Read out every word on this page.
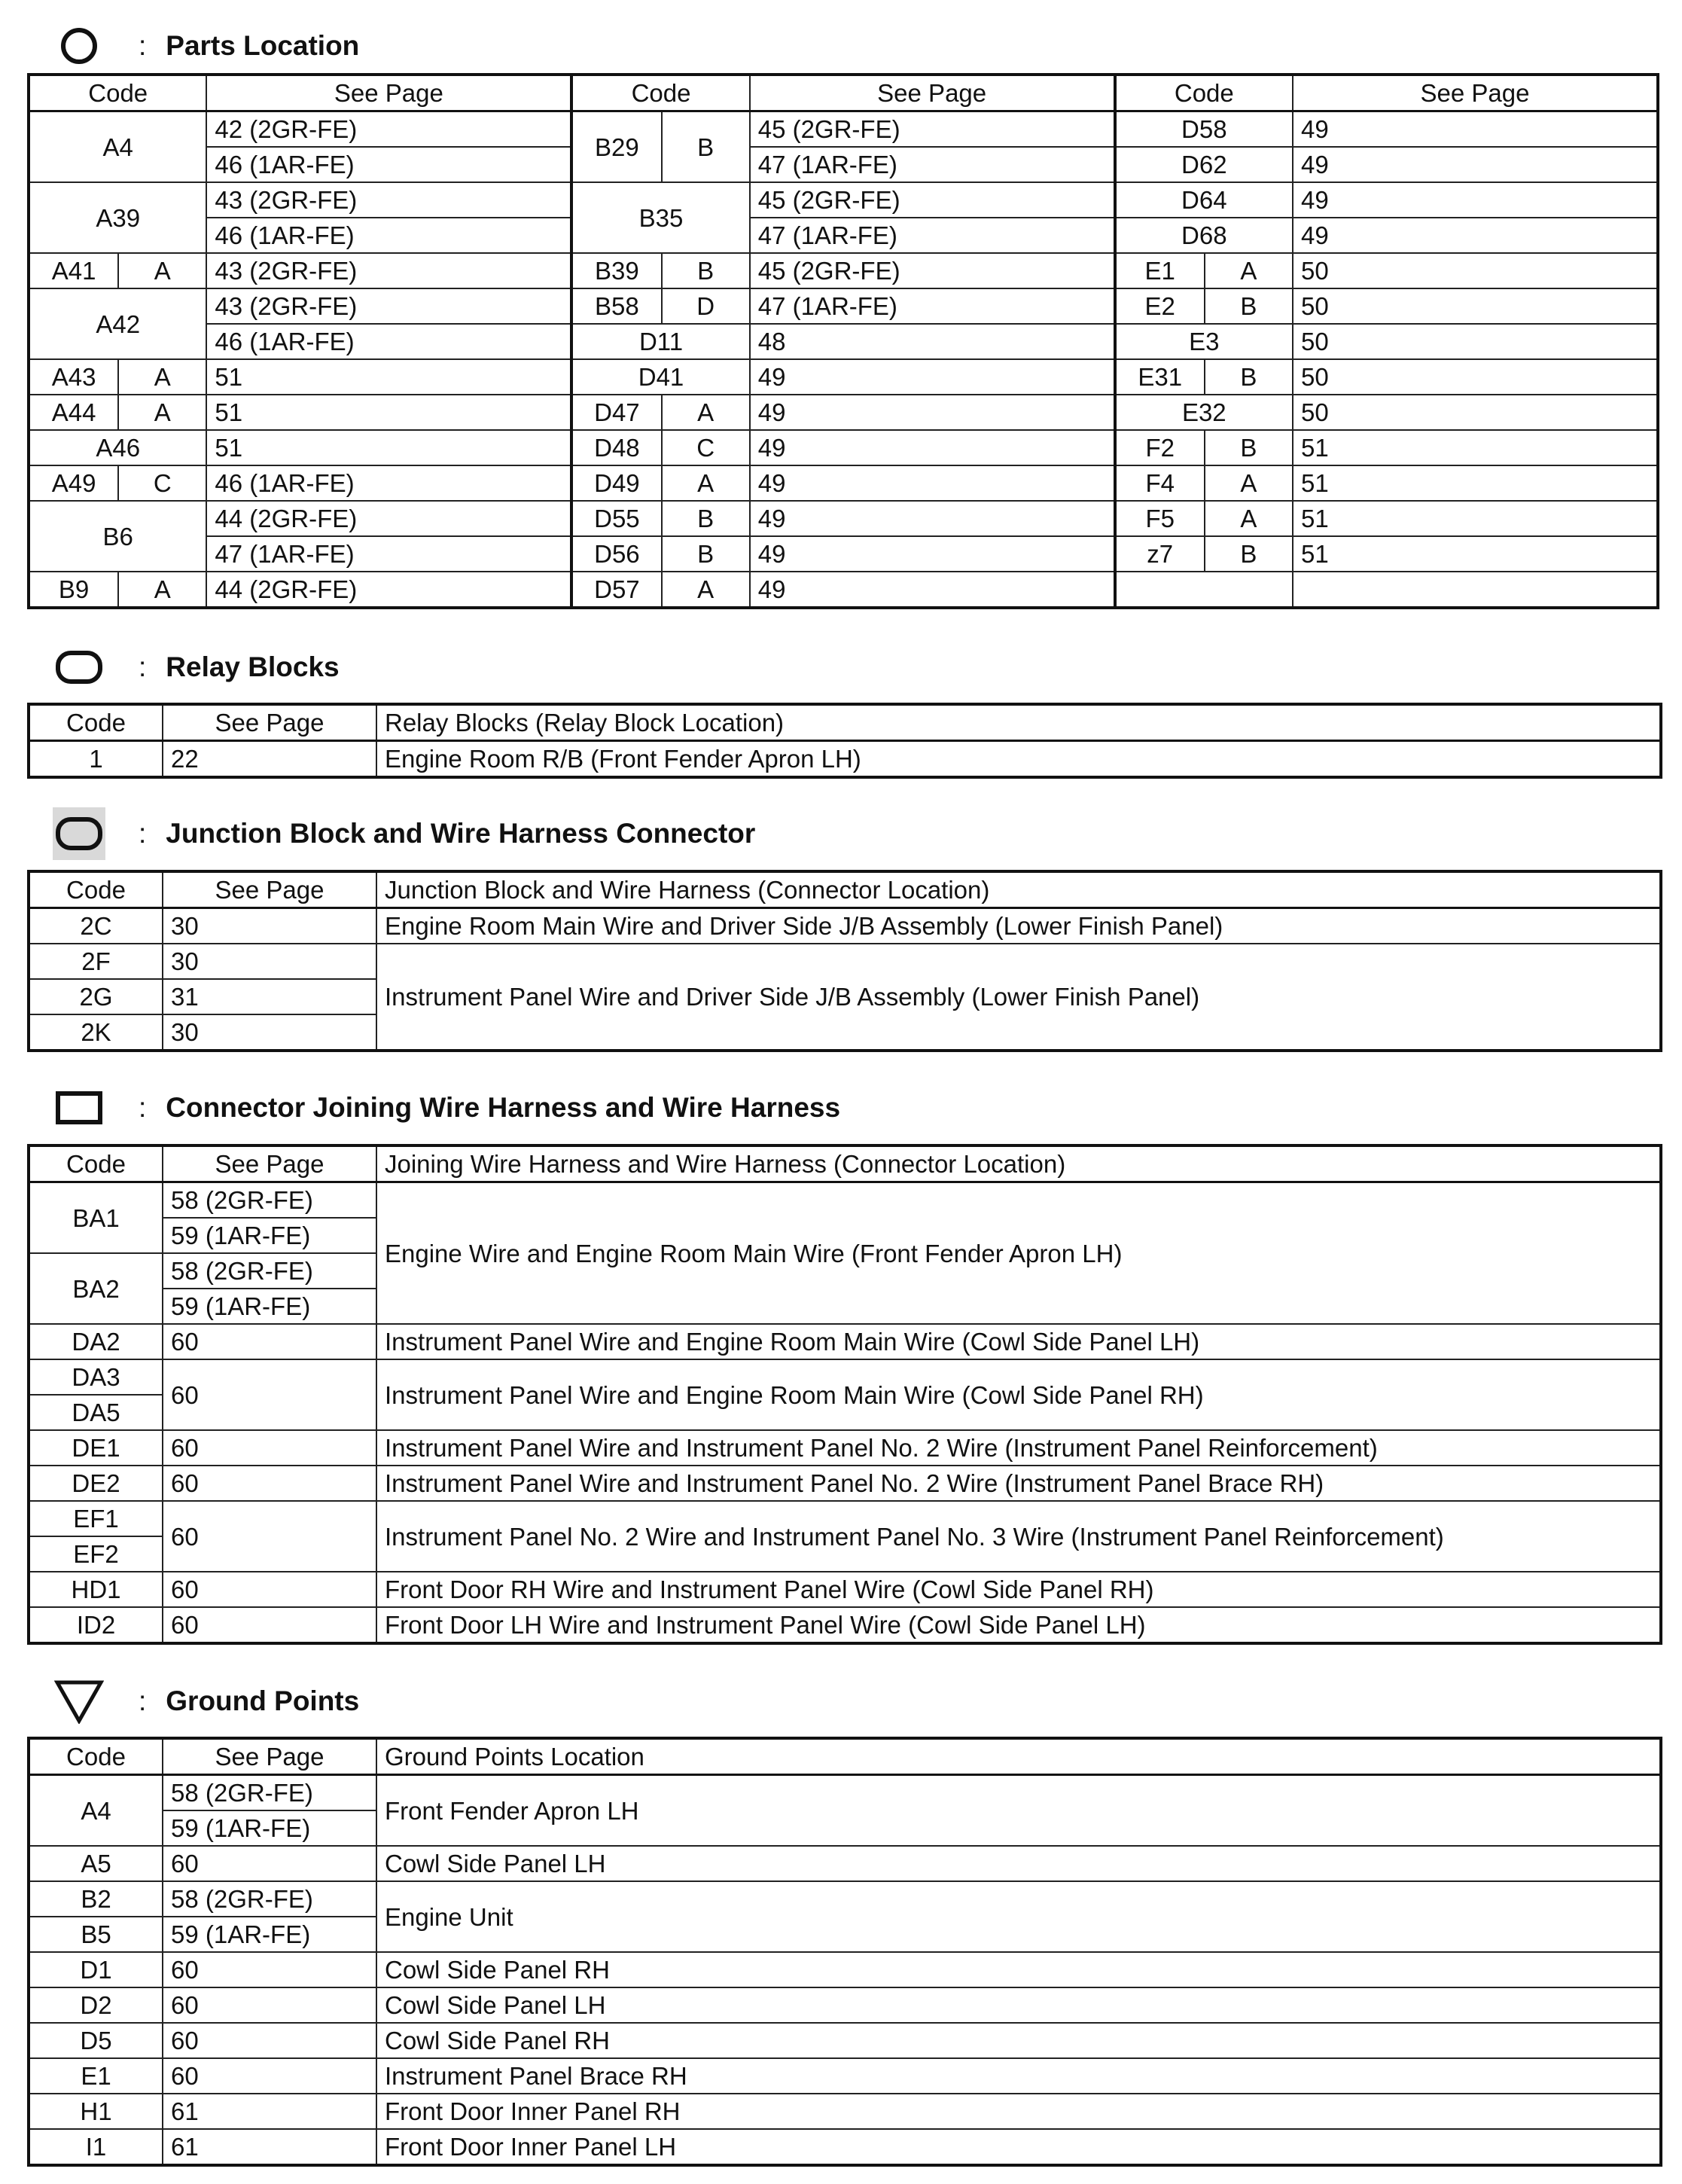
: Parts Location
Code		See Page	Code		See Page	Code		See Page
A4		42 (2GR-FE)	B29	B	45 (2GR-FE)	D58		49
		46 (1AR-FE)			47 (1AR-FE)	D62		49
A39		43 (2GR-FE)	B35		45 (2GR-FE)	D64		49
		46 (1AR-FE)			47 (1AR-FE)	D68		49
A41	A	43 (2GR-FE)	B39	B	45 (2GR-FE)	E1	A	50
A42		43 (2GR-FE)	B58	D	47 (1AR-FE)	E2	B	50
		46 (1AR-FE)	D11		48	E3		50
A43	A	51	D41		49	E31	B	50
A44	A	51	D47	A	49	E32		50
A46		51	D48	C	49	F2	B	51
A49	C	46 (1AR-FE)	D49	A	49	F4	A	51
B6		44 (2GR-FE)	D55	B	49	F5	A	51
		47 (1AR-FE)	D56	B	49	z7	B	51
B9	A	44 (2GR-FE)	D57	A	49			
: Relay Blocks
Code	See Page	Relay Blocks (Relay Block Location)
1	22	Engine Room R/B (Front Fender Apron LH)
: Junction Block and Wire Harness Connector
Code	See Page	Junction Block and Wire Harness (Connector Location)
2C	30	Engine Room Main Wire and Driver Side J/B Assembly (Lower Finish Panel)
2F	30	Instrument Panel Wire and Driver Side J/B Assembly (Lower Finish Panel)
2G	31	
2K	30	
: Connector Joining Wire Harness and Wire Harness
Code	See Page	Joining Wire Harness and Wire Harness (Connector Location)
BA1	58 (2GR-FE)	Engine Wire and Engine Room Main Wire (Front Fender Apron LH)
	59 (1AR-FE)	
BA2	58 (2GR-FE)	
	59 (1AR-FE)	
DA2	60	Instrument Panel Wire and Engine Room Main Wire (Cowl Side Panel LH)
DA3	60	Instrument Panel Wire and Engine Room Main Wire (Cowl Side Panel RH)
DA5		
DE1	60	Instrument Panel Wire and Instrument Panel No. 2 Wire (Instrument Panel Reinforcement)
DE2	60	Instrument Panel Wire and Instrument Panel No. 2 Wire (Instrument Panel Brace RH)
EF1	60	Instrument Panel No. 2 Wire and Instrument Panel No. 3 Wire (Instrument Panel Reinforcement)
EF2		
HD1	60	Front Door RH Wire and Instrument Panel Wire (Cowl Side Panel RH)
ID2	60	Front Door LH Wire and Instrument Panel Wire (Cowl Side Panel LH)
: Ground Points
Code	See Page	Ground Points Location
A4	58 (2GR-FE)	Front Fender Apron LH
	59 (1AR-FE)	
A5	60	Cowl Side Panel LH
B2	58 (2GR-FE)	Engine Unit
B5	59 (1AR-FE)	
D1	60	Cowl Side Panel RH
D2	60	Cowl Side Panel LH
D5	60	Cowl Side Panel RH
E1	60	Instrument Panel Brace RH
H1	61	Front Door Inner Panel RH
I1	61	Front Door Inner Panel LH
